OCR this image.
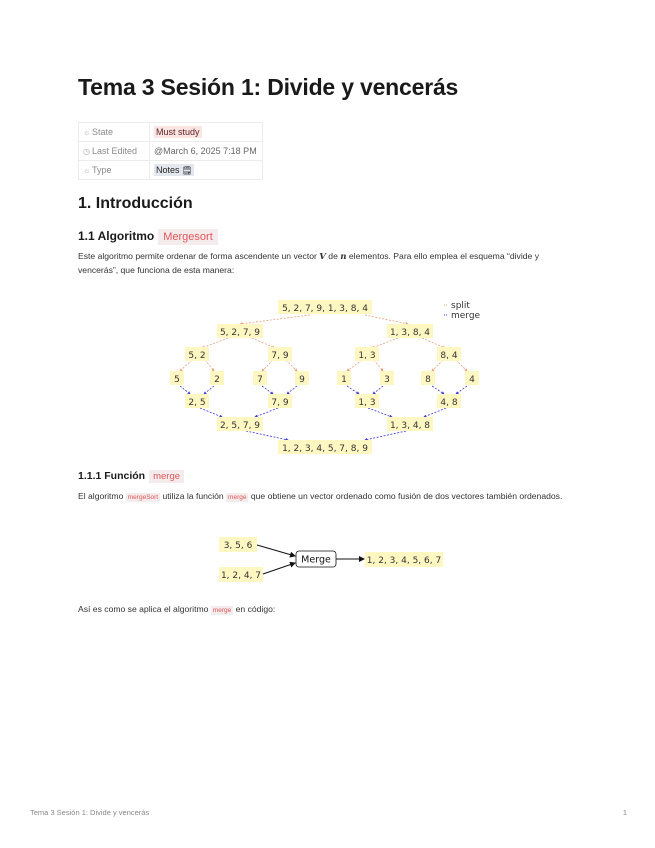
Tema 3 Sesión 1: Divide y vencerás
☼ State	Must study
◷ Last Edited	@March 6, 2025 7:18 PM
☼ Type	Notes 🗒
1. Introducción
1.1 Algoritmo Mergesort

Este algoritmo permite ordenar de forma ascendente un vector V de n elementos. Para ello emplea el esquema “divide y vencerás”, que funciona de esta manera:

5, 2, 7, 9, 1, 3, 8, 4
5, 2, 7, 9	1, 3, 8, 4
5, 2	7, 9	1, 3	8, 4
5	2	7	9	1	3	8	4
2, 5	7, 9	1, 3	4, 8
2, 5, 7, 9	1, 3, 4, 8
1, 2, 3, 4, 5, 7, 8, 9
split
merge
1.1.1 Función merge

El algoritmo mergeSort utiliza la función merge que obtiene un vector ordenado como fusión de dos vectores también ordenados.

3, 5, 6
1, 2, 4, 7
Merge	1, 2, 3, 4, 5, 6, 7

Así es como se aplica el algoritmo merge en código:

Tema 3 Sesión 1: Divide y vencerás	1
